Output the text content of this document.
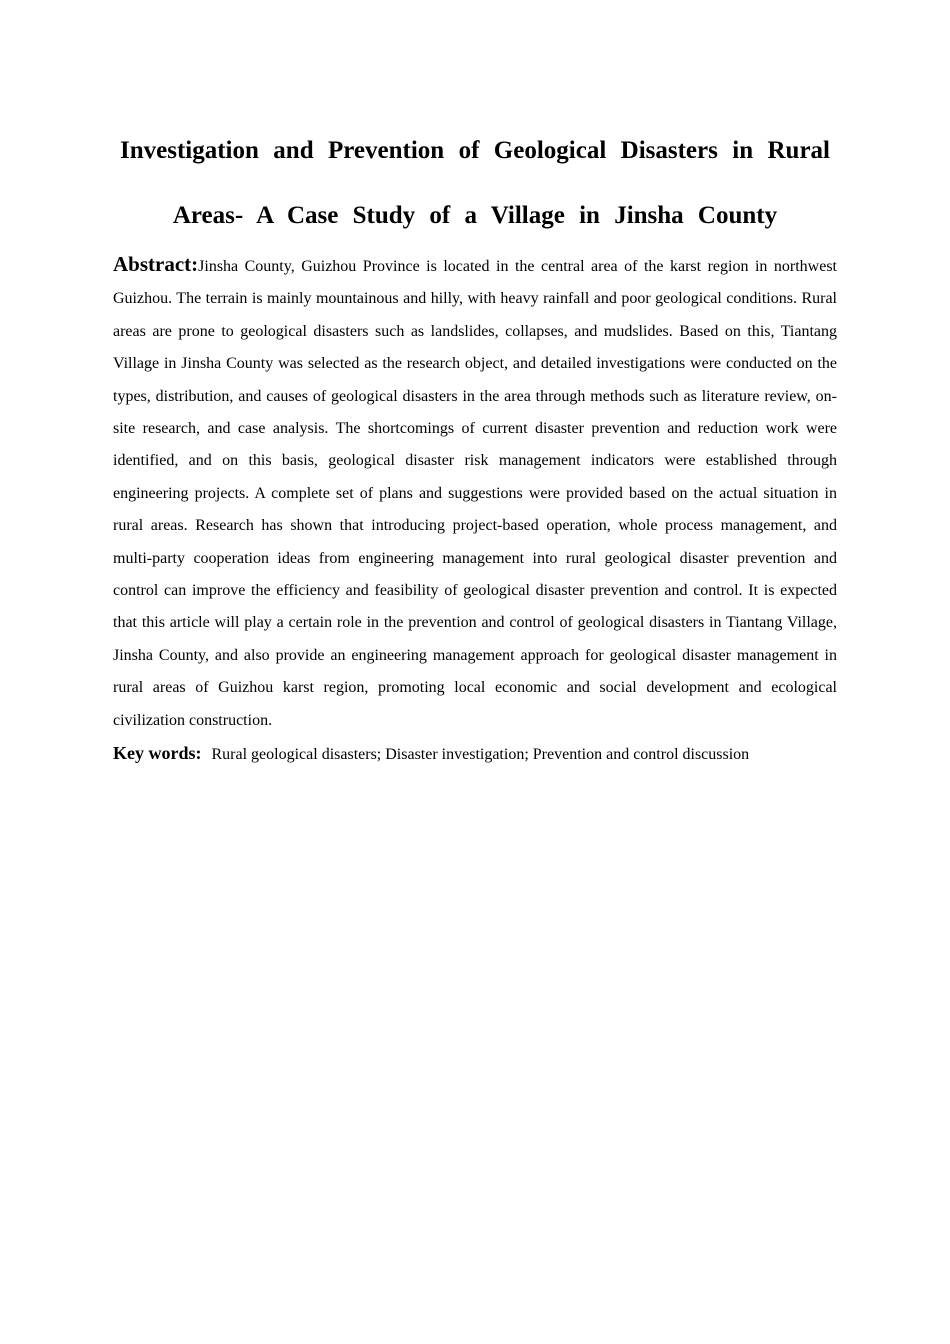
Investigation and Prevention of Geological Disasters in Rural
Areas- A Case Study of a Village in Jinsha County

Abstract:Jinsha County, Guizhou Province is located in the central area of the karst region in northwest Guizhou. The terrain is mainly mountainous and hilly, with heavy rainfall and poor geological conditions. Rural areas are prone to geological disasters such as landslides, collapses, and mudslides. Based on this, Tiantang Village in Jinsha County was selected as the research object, and detailed investigations were conducted on the types, distribution, and causes of geological disasters in the area through methods such as literature review, on-site research, and case analysis. The shortcomings of current disaster prevention and reduction work were identified, and on this basis, geological disaster risk management indicators were established through engineering projects. A complete set of plans and suggestions were provided based on the actual situation in rural areas. Research has shown that introducing project-based operation, whole process management, and multi-party cooperation ideas from engineering management into rural geological disaster prevention and control can improve the efficiency and feasibility of geological disaster prevention and control. It is expected that this article will play a certain role in the prevention and control of geological disasters in Tiantang Village, Jinsha County, and also provide an engineering management approach for geological disaster management in rural areas of Guizhou karst region, promoting local economic and social development and ecological civilization construction.

Key words: Rural geological disasters; Disaster investigation; Prevention and control discussion
